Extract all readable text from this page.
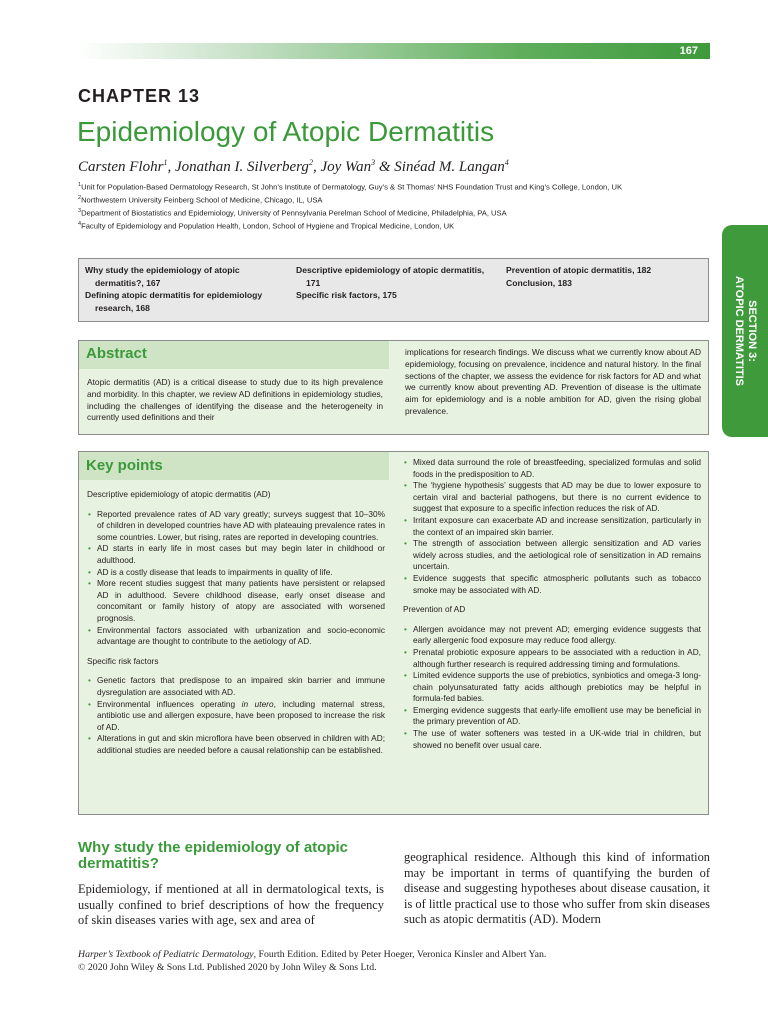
167
CHAPTER 13
Epidemiology of Atopic Dermatitis
Carsten Flohr$^1$, Jonathan I. Silverberg$^2$, Joy Wan$^3$ & Sinéad M. Langan$^4$
$^1$Unit for Population-Based Dermatology Research, St John’s Institute of Dermatology, Guy’s & St Thomas’ NHS Foundation Trust and King’s College, London, UK
$^2$Northwestern University Feinberg School of Medicine, Chicago, IL, USA
$^3$Department of Biostatistics and Epidemiology, University of Pennsylvania Perelman School of Medicine, Philadelphia, PA, USA
$^4$Faculty of Epidemiology and Population Health, London, School of Hygiene and Tropical Medicine, London, UK
SECTION 3:
ATOPIC DERMATITIS
Why study the epidemiology of atopic dermatitis?, 167
Defining atopic dermatitis for epidemiology research, 168
Descriptive epidemiology of atopic dermatitis, 171
Specific risk factors, 175
Prevention of atopic dermatitis, 182
Conclusion, 183
Abstract
Atopic dermatitis (AD) is a critical disease to study due to its high prevalence and morbidity. In this chapter, we review AD definitions in epidemiology studies, including the challenges of identifying the disease and the heterogeneity in currently used definitions and their
implications for research findings. We discuss what we currently know about AD epidemiology, focusing on prevalence, incidence and natural history. In the final sections of the chapter, we assess the evidence for risk factors for AD and what we currently know about preventing AD. Prevention of disease is the ultimate aim for epidemiology and is a noble ambition for AD, given the rising global prevalence.
Key points
Descriptive epidemiology of atopic dermatitis (AD)
• Reported prevalence rates of AD vary greatly; surveys suggest that 10–30% of children in developed countries have AD with plateauing prevalence rates in some countries. Lower, but rising, rates are reported in developing countries.
• AD starts in early life in most cases but may begin later in childhood or adulthood.
• AD is a costly disease that leads to impairments in quality of life.
• More recent studies suggest that many patients have persistent or relapsed AD in adulthood. Severe childhood disease, early onset disease and concomitant or family history of atopy are associated with worsened prognosis.
• Environmental factors associated with urbanization and socio-economic advantage are thought to contribute to the aetiology of AD.
Specific risk factors
• Genetic factors that predispose to an impaired skin barrier and immune dysregulation are associated with AD.
• Environmental influences operating in utero, including maternal stress, antibiotic use and allergen exposure, have been proposed to increase the risk of AD.
• Alterations in gut and skin microflora have been observed in children with AD; additional studies are needed before a causal relationship can be established.
• Mixed data surround the role of breastfeeding, specialized formulas and solid foods in the predisposition to AD.
• The ‘hygiene hypothesis’ suggests that AD may be due to lower exposure to certain viral and bacterial pathogens, but there is no current evidence to suggest that exposure to a specific infection reduces the risk of AD.
• Irritant exposure can exacerbate AD and increase sensitization, particularly in the context of an impaired skin barrier.
• The strength of association between allergic sensitization and AD varies widely across studies, and the aetiological role of sensitization in AD remains uncertain.
• Evidence suggests that specific atmospheric pollutants such as tobacco smoke may be associated with AD.
Prevention of AD
• Allergen avoidance may not prevent AD; emerging evidence suggests that early allergenic food exposure may reduce food allergy.
• Prenatal probiotic exposure appears to be associated with a reduction in AD, although further research is required addressing timing and formulations.
• Limited evidence supports the use of prebiotics, synbiotics and omega-3 long-chain polyunsaturated fatty acids although prebiotics may be helpful in formula-fed babies.
• Emerging evidence suggests that early-life emollient use may be beneficial in the primary prevention of AD.
• The use of water softeners was tested in a UK-wide trial in children, but showed no benefit over usual care.
Why study the epidemiology of atopic dermatitis?
Epidemiology, if mentioned at all in dermatological texts, is usually confined to brief descriptions of how the frequency of skin diseases varies with age, sex and area of
geographical residence. Although this kind of information may be important in terms of quantifying the burden of disease and suggesting hypotheses about disease causation, it is of little practical use to those who suffer from skin diseases such as atopic dermatitis (AD). Modern
Harper’s Textbook of Pediatric Dermatology, Fourth Edition. Edited by Peter Hoeger, Veronica Kinsler and Albert Yan.
© 2020 John Wiley & Sons Ltd. Published 2020 by John Wiley & Sons Ltd.
